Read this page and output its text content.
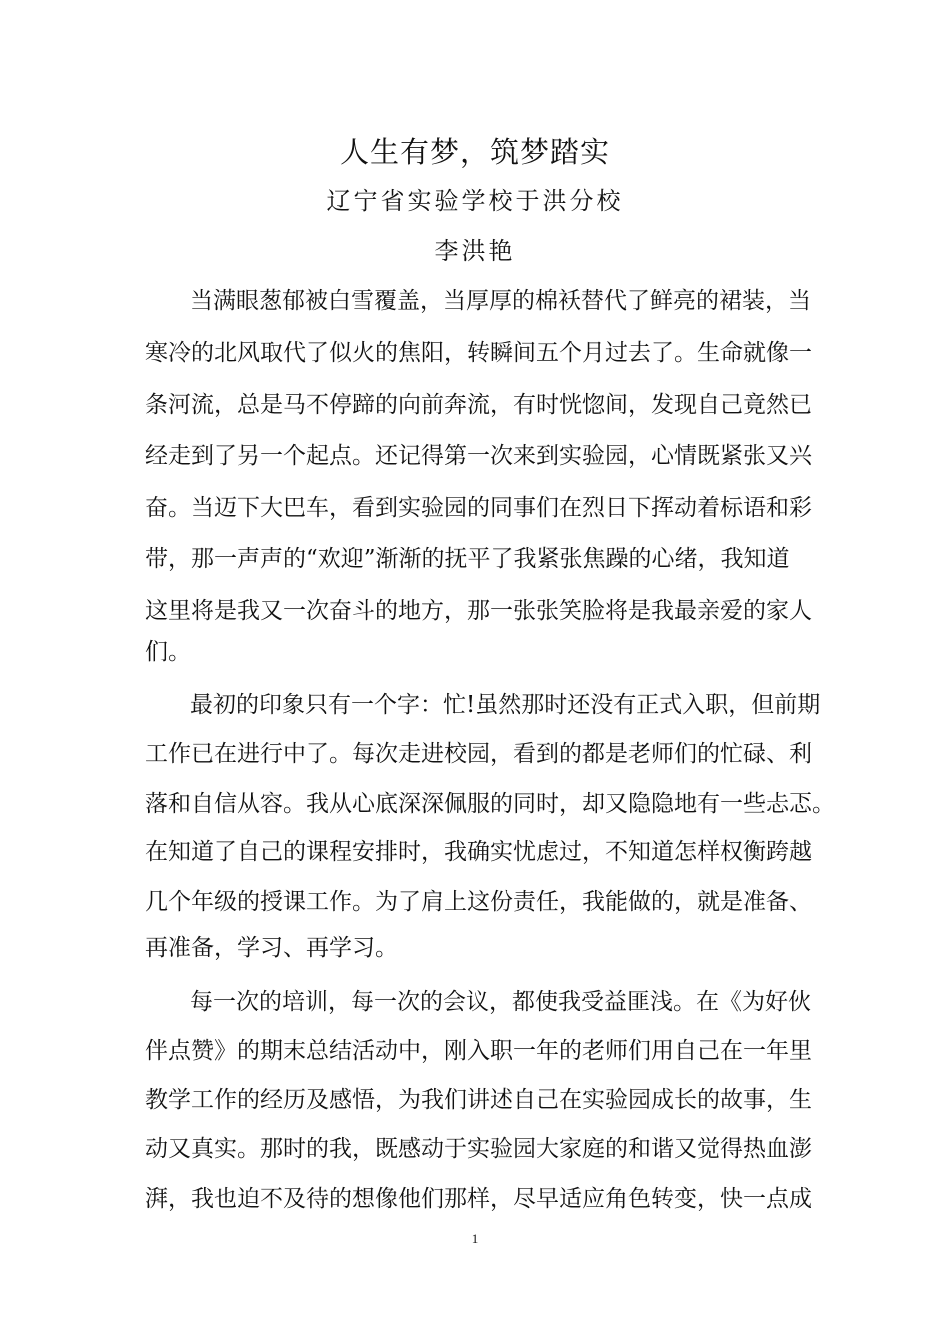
人生有梦，筑梦踏实
辽宁省实验学校于洪分校
李洪艳
当满眼葱郁被白雪覆盖，当厚厚的棉袄替代了鲜亮的裙装，当
寒冷的北风取代了似火的焦阳，转瞬间五个月过去了。生命就像一
条河流，总是马不停蹄的向前奔流，有时恍惚间，发现自己竟然已
经走到了另一个起点。还记得第一次来到实验园，心情既紧张又兴
奋。当迈下大巴车，看到实验园的同事们在烈日下挥动着标语和彩
带，那一声声的“欢迎”渐渐的抚平了我紧张焦躁的心绪，我知道
这里将是我又一次奋斗的地方，那一张张笑脸将是我最亲爱的家人
们。
最初的印象只有一个字：忙!虽然那时还没有正式入职，但前期
工作已在进行中了。每次走进校园，看到的都是老师们的忙碌、利
落和自信从容。我从心底深深佩服的同时，却又隐隐地有一些忐忑。
在知道了自己的课程安排时，我确实忧虑过，不知道怎样权衡跨越
几个年级的授课工作。为了肩上这份责任，我能做的，就是准备、
再准备，学习、再学习。
每一次的培训，每一次的会议，都使我受益匪浅。在《为好伙
伴点赞》的期末总结活动中，刚入职一年的老师们用自己在一年里
教学工作的经历及感悟，为我们讲述自己在实验园成长的故事，生
动又真实。那时的我，既感动于实验园大家庭的和谐又觉得热血澎
湃，我也迫不及待的想像他们那样，尽早适应角色转变，快一点成
1
